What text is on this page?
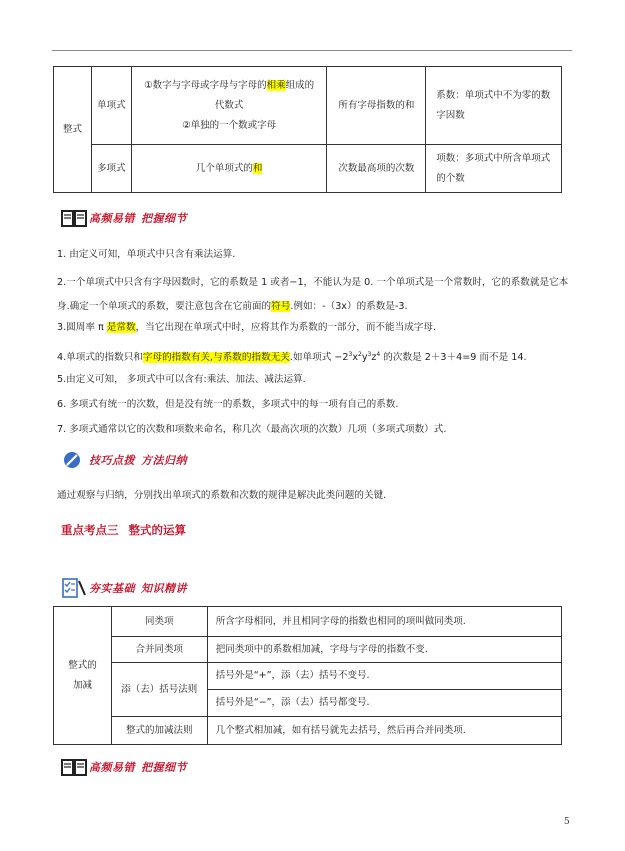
整式	单项式	①数字与字母或字母与字母的相乘组成的
代数式
②单独的一个数或字母	所有字母指数的和	系数：单项式中不为零的数字因数
	多项式	几个单项式的和	次数最高项的次数	项数：多项式中所含单项式的个数
高频易错 把握细节
1. 由定义可知，单项式中只含有乘法运算.
2.一个单项式中只含有字母因数时，它的系数是 1 或者−1，不能认为是 0. 一个单项式是一个常数时，它的系数就是它本身.确定一个单项式的系数，要注意包含在它前面的符号.例如：-（3x）的系数是-3.
3.圆周率 π 是常数，当它出现在单项式中时，应将其作为系数的一部分，而不能当成字母.
4.单项式的指数只和字母的指数有关,与系数的指数无关.如单项式 $-2^3x^2y^3z^4$ 的次数是 2＋3＋4=9 而不是 14.
5.由定义可知， 多项式中可以含有:乘法、加法、减法运算.
6. 多项式有统一的次数，但是没有统一的系数，多项式中的每一项有自己的系数.
7. 多项式通常以它的次数和项数来命名，称几次（最高次项的次数）几项（多项式项数）式.
技巧点拨 方法归纳
通过观察与归纳，分别找出单项式的系数和次数的规律是解决此类问题的关键.
重点考点三 整式的运算
夯实基础 知识精讲
整式的
加减	同类项	所含字母相同，并且相同字母的指数也相同的项叫做同类项.
	合并同类项	把同类项中的系数相加减，字母与字母的指数不变.
	添（去）括号法则	括号外是“+”，添（去）括号不变号.
		括号外是“−”，添（去）括号都变号.
	整式的加减法则	几个整式相加减，如有括号就先去括号，然后再合并同类项.
高频易错 把握细节
5
